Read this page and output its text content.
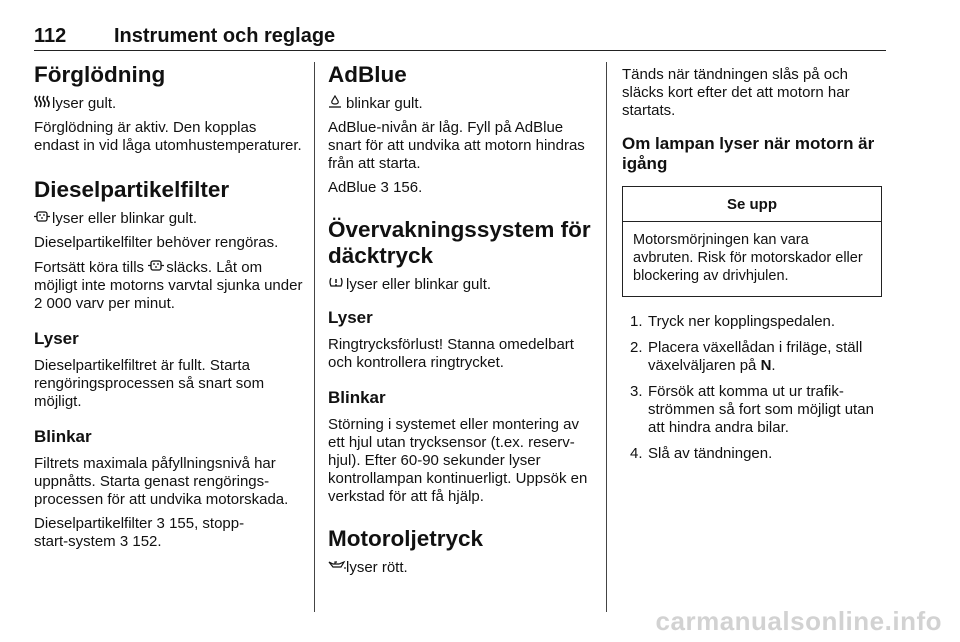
112 Instrument och reglage
Förglödning

lyser gult.

Förglödning är aktiv. Den kopplas endast in vid låga utomhustemperaturer.

Dieselpartikelfilter

lyser eller blinkar gult.

Dieselpartikelfilter behöver rengöras.

Fortsätt köra tills släcks. Låt om möjligt inte motorns varvtal sjunka under 2 000 varv per minut.

Lyser

Dieselpartikelfiltret är fullt. Starta rengöringsprocessen så snart som möjligt.

Blinkar

Filtrets maximala påfyllningsnivå har uppnåtts. Starta genast rengöringsprocessen för att undvika motorskada.

Dieselpartikelfilter 3 155, stopp-
start-system 3 152.

AdBlue

blinkar gult.

AdBlue-nivån är låg. Fyll på AdBlue snart för att undvika att motorn hindras från att starta.

AdBlue 3 156.

Övervakningssystem för däcktryck

lyser eller blinkar gult.

Lyser

Ringtrycksförlust! Stanna omedelbart och kontrollera ringtrycket.

Blinkar

Störning i systemet eller montering av ett hjul utan trycksensor (t.ex. reservhjul). Efter 60-90 sekunder lyser kontrollampan kontinuerligt. Uppsök en verkstad för att få hjälp.

Motoroljetryck

lyser rött.

Tänds när tändningen slås på och släcks kort efter det att motorn har startats.

Om lampan lyser när motorn är igång
Se upp
Motorsmörjningen kan vara avbruten. Risk för motorskador eller blockering av drivhjulen.
1. Tryck ner kopplingspedalen.
2. Placera växellådan i friläge, ställ växelväljaren på N.
3. Försök att komma ut ur trafikströmmen så fort som möjligt utan att hindra andra bilar.
4. Slå av tändningen.
carmanualsonline.info
